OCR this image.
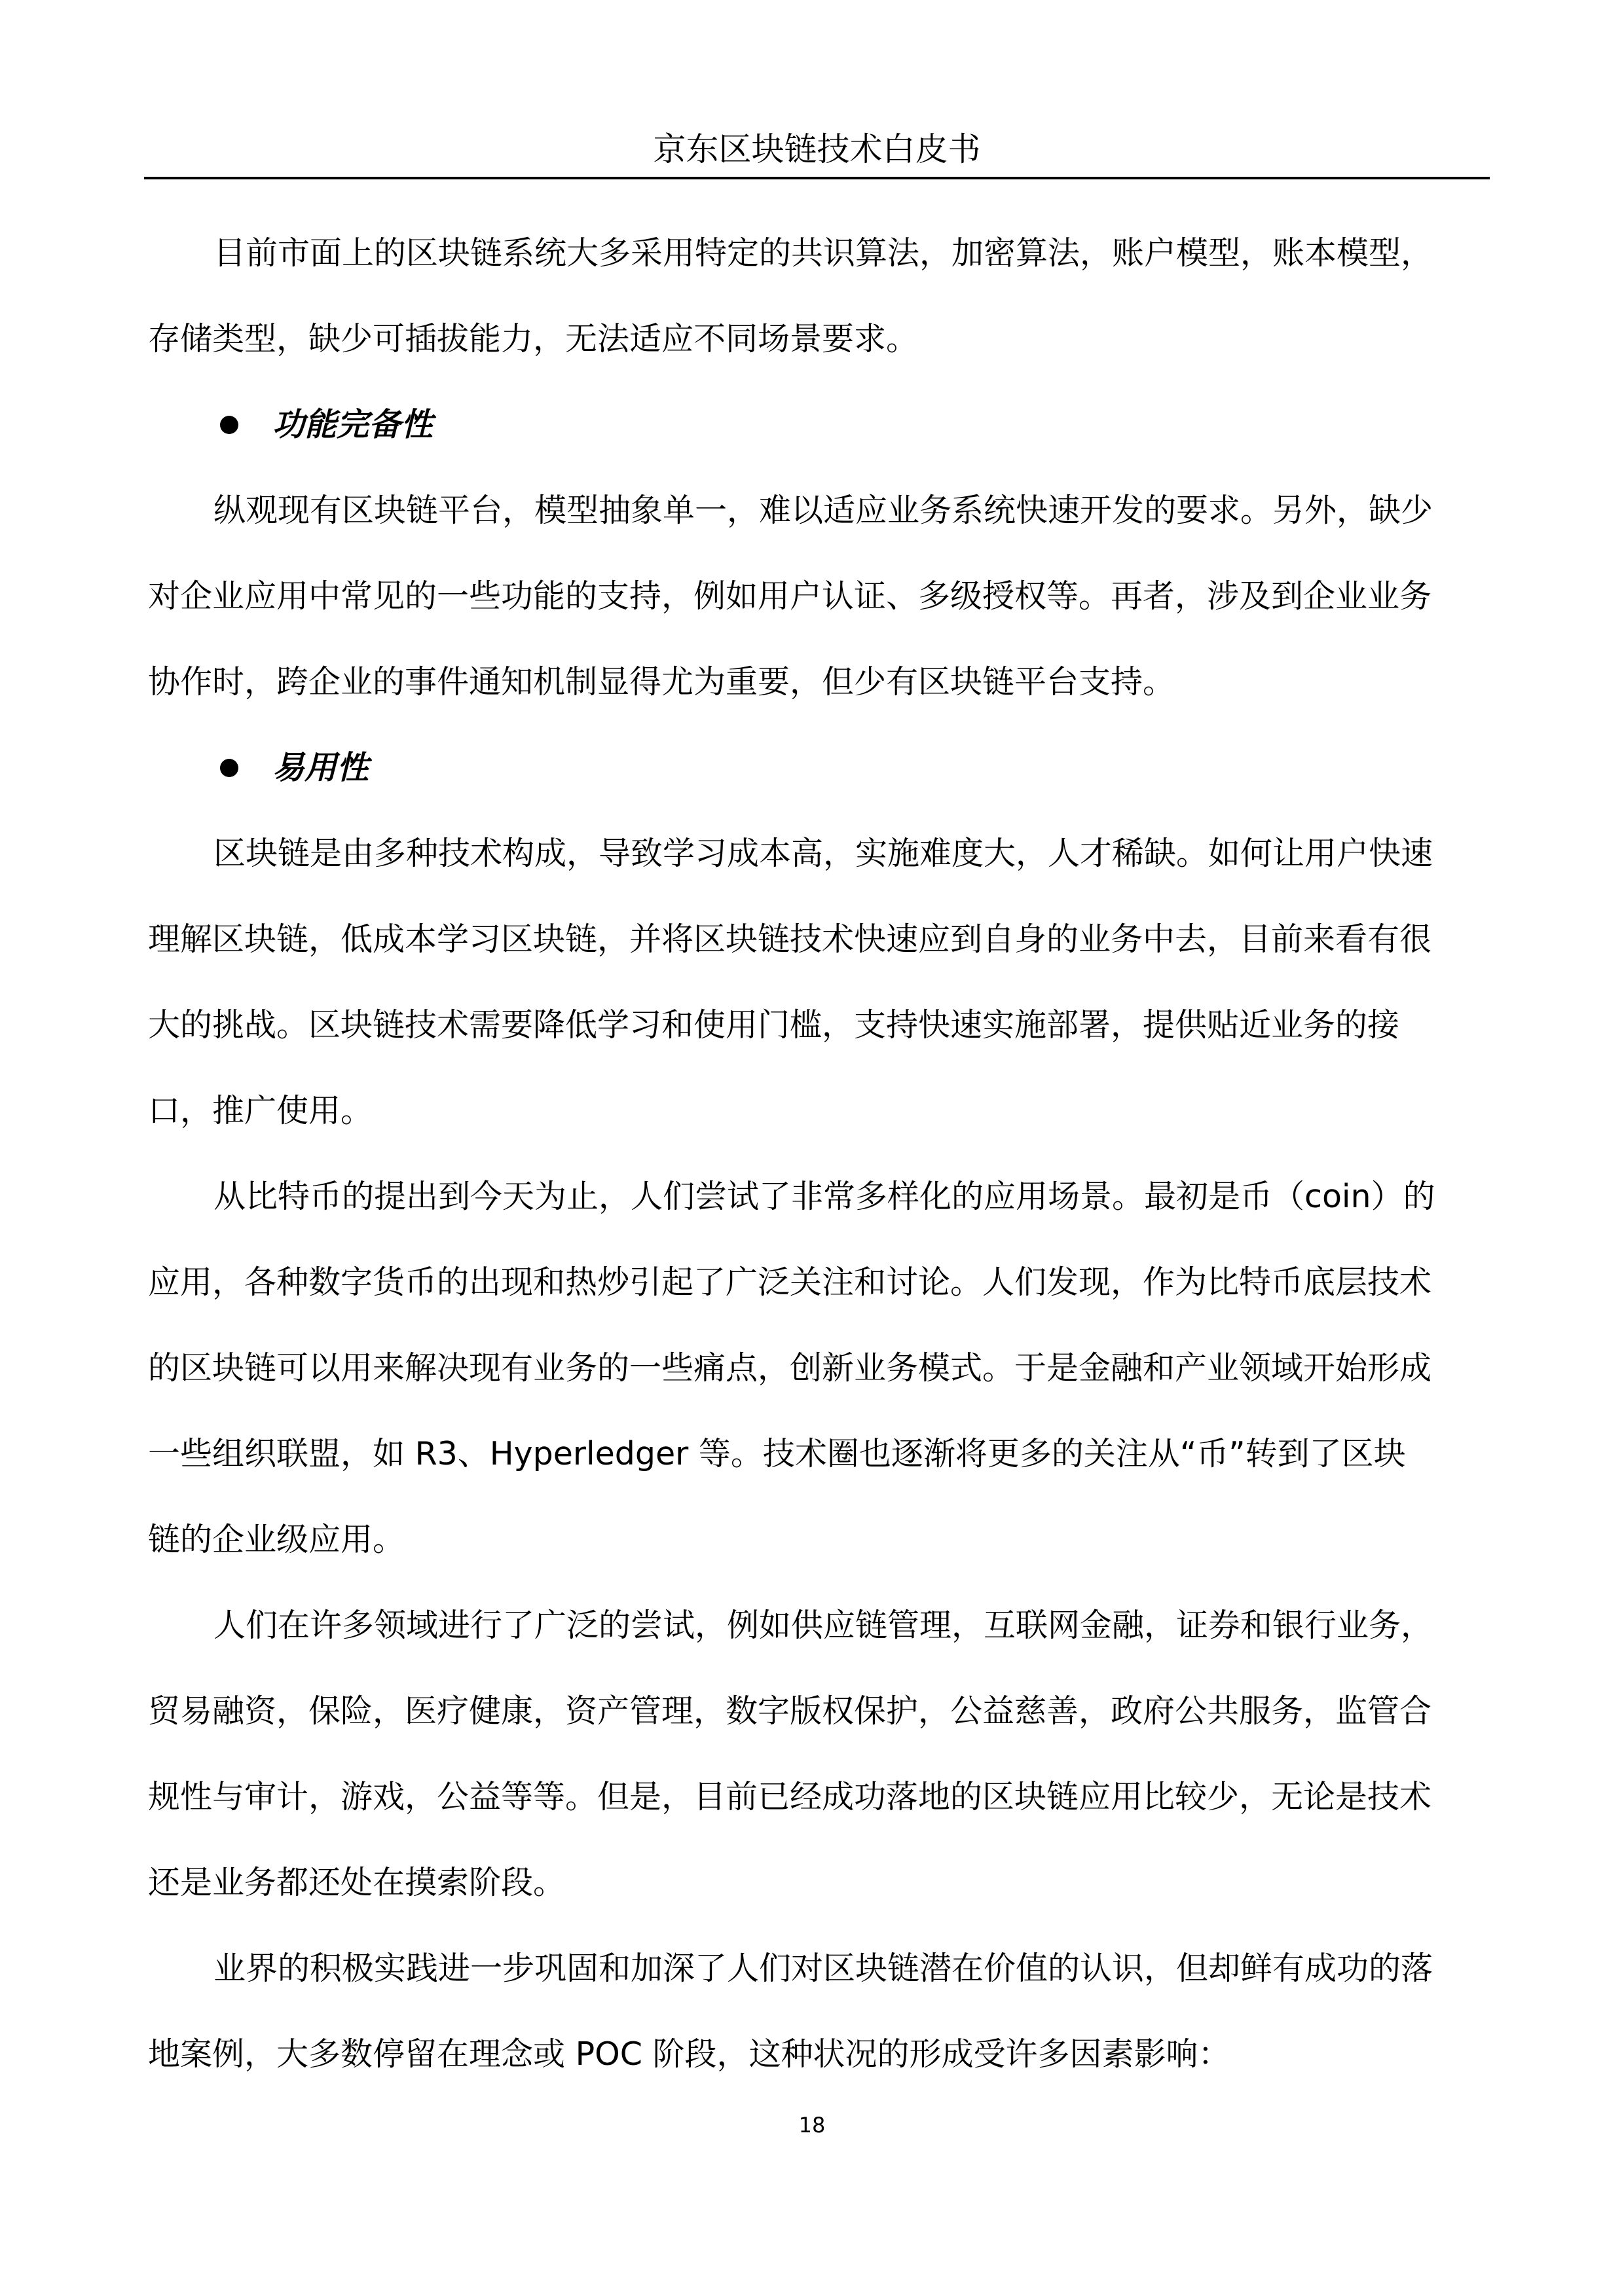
京东区块链技术白皮书

目前市面上的区块链系统大多采用特定的共识算法，加密算法，账户模型，账本模型，
存储类型，缺少可插拔能力，无法适应不同场景要求。

功能完备性

纵观现有区块链平台，模型抽象单一，难以适应业务系统快速开发的要求。另外，缺少
对企业应用中常见的一些功能的支持，例如用户认证、多级授权等。再者，涉及到企业业务
协作时，跨企业的事件通知机制显得尤为重要，但少有区块链平台支持。

易用性

区块链是由多种技术构成，导致学习成本高，实施难度大，人才稀缺。如何让用户快速
理解区块链，低成本学习区块链，并将区块链技术快速应到自身的业务中去，目前来看有很
大的挑战。区块链技术需要降低学习和使用门槛，支持快速实施部署，提供贴近业务的接
口，推广使用。

从比特币的提出到今天为止，人们尝试了非常多样化的应用场景。最初是币（coin）的
应用，各种数字货币的出现和热炒引起了广泛关注和讨论。人们发现，作为比特币底层技术
的区块链可以用来解决现有业务的一些痛点，创新业务模式。于是金融和产业领域开始形成
一些组织联盟，如 R3、Hyperledger 等。技术圈也逐渐将更多的关注从“币”转到了区块
链的企业级应用。

人们在许多领域进行了广泛的尝试，例如供应链管理，互联网金融，证券和银行业务，
贸易融资，保险，医疗健康，资产管理，数字版权保护，公益慈善，政府公共服务，监管合
规性与审计，游戏，公益等等。但是，目前已经成功落地的区块链应用比较少，无论是技术
还是业务都还处在摸索阶段。

业界的积极实践进一步巩固和加深了人们对区块链潜在价值的认识，但却鲜有成功的落
地案例，大多数停留在理念或 POC 阶段，这种状况的形成受许多因素影响：

18
